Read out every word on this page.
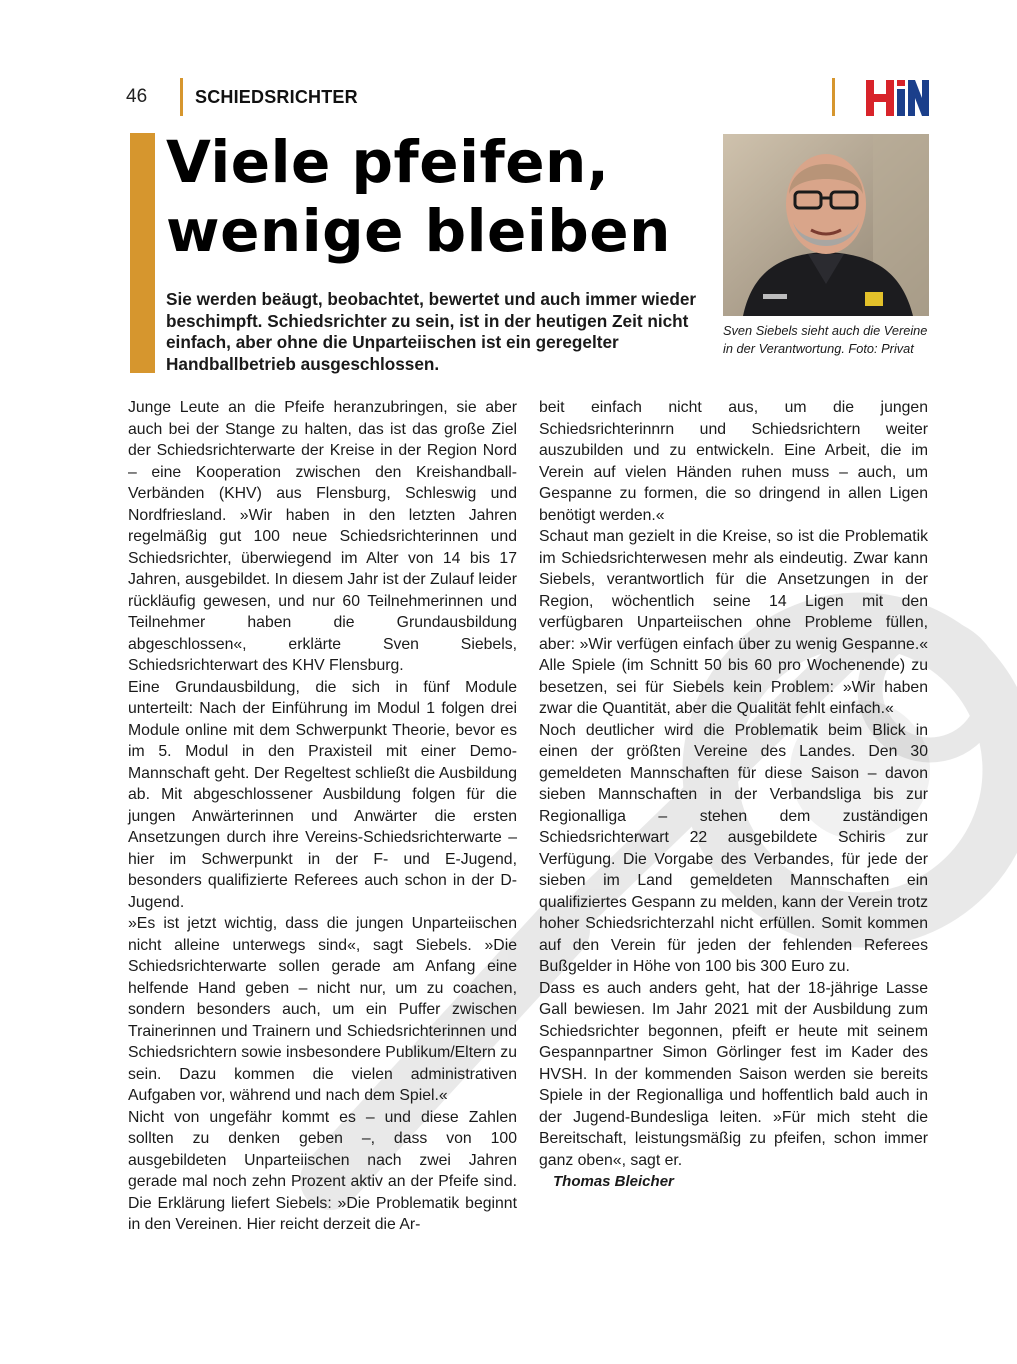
46	SCHIEDSRICHTER
Viele pfeifen,
wenige bleiben
Sie werden beäugt, beobachtet, bewertet und auch immer wieder beschimpft. Schiedsrichter zu sein, ist in der heutigen Zeit nicht einfach, aber ohne die Unparteiischen ist ein geregelter Handballbetrieb ausgeschlossen.
Sven Siebels sieht auch die Vereine in der Verantwortung. Foto: Privat

Junge Leute an die Pfeife heranzubringen, sie aber auch bei der Stange zu halten, das ist das große Ziel der Schiedsrichterwarte der Kreise in der Region Nord – eine Kooperation zwischen den Kreishandball-Verbänden (KHV) aus Flensburg, Schleswig und Nordfriesland. »Wir haben in den letzten Jahren regelmäßig gut 100 neue Schiedsrichterinnen und Schiedsrichter, überwiegend im Alter von 14 bis 17 Jahren, ausgebildet. In diesem Jahr ist der Zulauf leider rückläufig gewesen, und nur 60 Teilnehmerinnen und Teilnehmer haben die Grundausbildung abgeschlossen«, erklärte Sven Siebels, Schiedsrichterwart des KHV Flensburg.

Eine Grundausbildung, die sich in fünf Module unterteilt: Nach der Einführung im Modul 1 folgen drei Module online mit dem Schwerpunkt Theorie, bevor es im 5. Modul in den Praxisteil mit einer Demo-Mannschaft geht. Der Regeltest schließt die Ausbildung ab. Mit abgeschlossener Ausbildung folgen für die jungen Anwärterinnen und Anwärter die ersten Ansetzungen durch ihre Vereins-Schiedsrichterwarte – hier im Schwerpunkt in der F- und E-Jugend, besonders qualifizierte Referees auch schon in der D-Jugend.

»Es ist jetzt wichtig, dass die jungen Unparteiischen nicht alleine unterwegs sind«, sagt Siebels. »Die Schiedsrichterwarte sollen gerade am Anfang eine helfende Hand geben – nicht nur, um zu coachen, sondern besonders auch, um ein Puffer zwischen Trainerinnen und Trainern und Schiedsrichterinnen und Schiedsrichtern sowie insbesondere Publikum/Eltern zu sein. Dazu kommen die vielen administrativen Aufgaben vor, während und nach dem Spiel.«

Nicht von ungefähr kommt es – und diese Zahlen sollten zu denken geben –, dass von 100 ausgebildeten Unparteiischen nach zwei Jahren gerade mal noch zehn Prozent aktiv an der Pfeife sind. Die Erklärung liefert Siebels: »Die Problematik beginnt in den Vereinen. Hier reicht derzeit die Ar-

beit einfach nicht aus, um die jungen Schiedsrichterinnrn und Schiedsrichtern weiter auszubilden und zu entwickeln. Eine Arbeit, die im Verein auf vielen Händen ruhen muss – auch, um Gespanne zu formen, die so dringend in allen Ligen benötigt werden.«

Schaut man gezielt in die Kreise, so ist die Problematik im Schiedsrichterwesen mehr als eindeutig. Zwar kann Siebels, verantwortlich für die Ansetzungen in der Region, wöchentlich seine 14 Ligen mit den verfügbaren Unparteiischen ohne Probleme füllen, aber: »Wir verfügen einfach über zu wenig Gespanne.« Alle Spiele (im Schnitt 50 bis 60 pro Wochenende) zu besetzen, sei für Siebels kein Problem: »Wir haben zwar die Quantität, aber die Qualität fehlt einfach.«

Noch deutlicher wird die Problematik beim Blick in einen der größten Vereine des Landes. Den 30 gemeldeten Mannschaften für diese Saison – davon sieben Mannschaften in der Verbandsliga bis zur Regionalliga – stehen dem zuständigen Schiedsrichterwart 22 ausgebildete Schiris zur Verfügung. Die Vorgabe des Verbandes, für jede der sieben im Land gemeldeten Mannschaften ein qualifiziertes Gespann zu melden, kann der Verein trotz hoher Schiedsrichterzahl nicht erfüllen. Somit kommen auf den Verein für jeden der fehlenden Referees Bußgelder in Höhe von 100 bis 300 Euro zu.

Dass es auch anders geht, hat der 18-jährige Lasse Gall bewiesen. Im Jahr 2021 mit der Ausbildung zum Schiedsrichter begonnen, pfeift er heute mit seinem Gespannpartner Simon Görlinger fest im Kader des HVSH. In der kommenden Saison werden sie bereits Spiele in der Regionalliga und hoffentlich bald auch in der Jugend-Bundesliga leiten. »Für mich steht die Bereitschaft, leistungsmäßig zu pfeifen, schon immer ganz oben«, sagt er.

Thomas Bleicher
